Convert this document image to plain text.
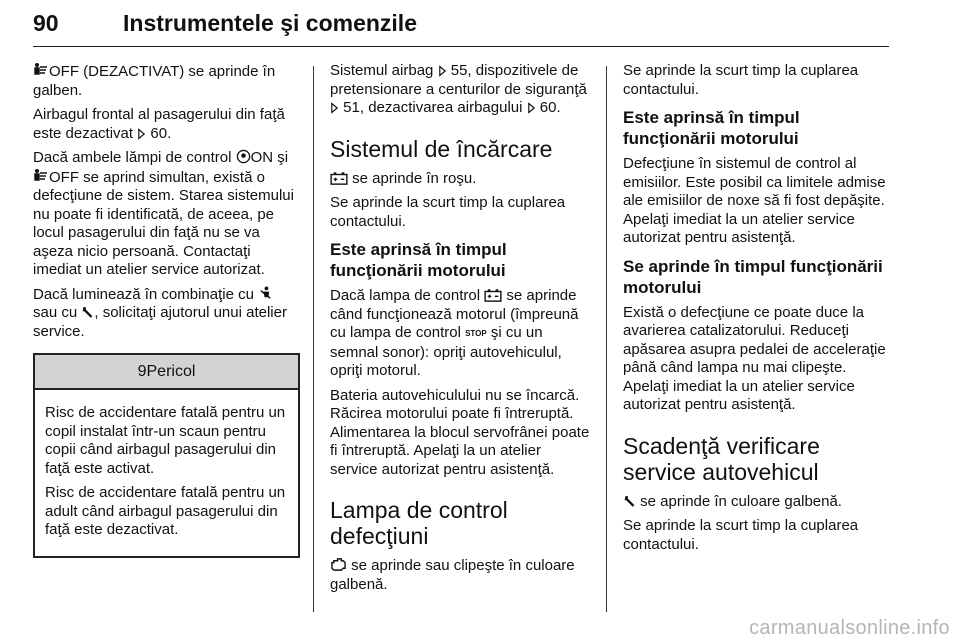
90	Instrumentele şi comenzile

OFF (DEZACTIVAT) se aprinde în galben.

Airbagul frontal al pasagerului din faţă este dezactivat  60.

Dacă ambele lămpi de control ON şi OFF se aprind simultan, există o defecţiune de sistem. Starea sistemului nu poate fi identificată, de aceea, pe locul pasagerului din faţă nu se va aşeza nicio persoană. Contactaţi imediat un atelier service autorizat.

Dacă luminează în combinaţie cu  sau cu , solicitaţi ajutorul unui atelier service.

9Pericol

Risc de accidentare fatală pentru un copil instalat într-un scaun pentru copii când airbagul pasagerului din faţă este activat.

Risc de accidentare fatală pentru un adult când airbagul pasagerului din faţă este dezactivat.

Sistemul airbag  55, dispozitivele de pretensionare a centurilor de siguranţă  51, dezactivarea airbagului  60.

Sistemul de încărcare

se aprinde în roşu.

Se aprinde la scurt timp la cuplarea contactului.

Este aprinsă în timpul funcţionării motorului

Dacă lampa de control  se aprinde când funcţionează motorul (împreună cu lampa de control STOP şi cu un semnal sonor): opriţi autovehiculul, opriţi motorul.

Bateria autovehiculului nu se încarcă. Răcirea motorului poate fi întreruptă. Alimentarea la blocul servofrânei poate fi întreruptă. Apelaţi la un atelier service autorizat pentru asistenţă.

Lampa de control defecţiuni

se aprinde sau clipeşte în culoare galbenă.

Se aprinde la scurt timp la cuplarea contactului.

Este aprinsă în timpul funcţionării motorului

Defecţiune în sistemul de control al emisiilor. Este posibil ca limitele admise ale emisiilor de noxe să fi fost depăşite. Apelaţi imediat la un atelier service autorizat pentru asistenţă.

Se aprinde în timpul funcţionării motorului

Există o defecţiune ce poate duce la avarierea catalizatorului. Reduceţi apăsarea asupra pedalei de acceleraţie până când lampa nu mai clipeşte. Apelaţi imediat la un atelier service autorizat pentru asistenţă.

Scadenţă verificare service autovehicul

se aprinde în culoare galbenă.

Se aprinde la scurt timp la cuplarea contactului.

carmanualsonline.info
